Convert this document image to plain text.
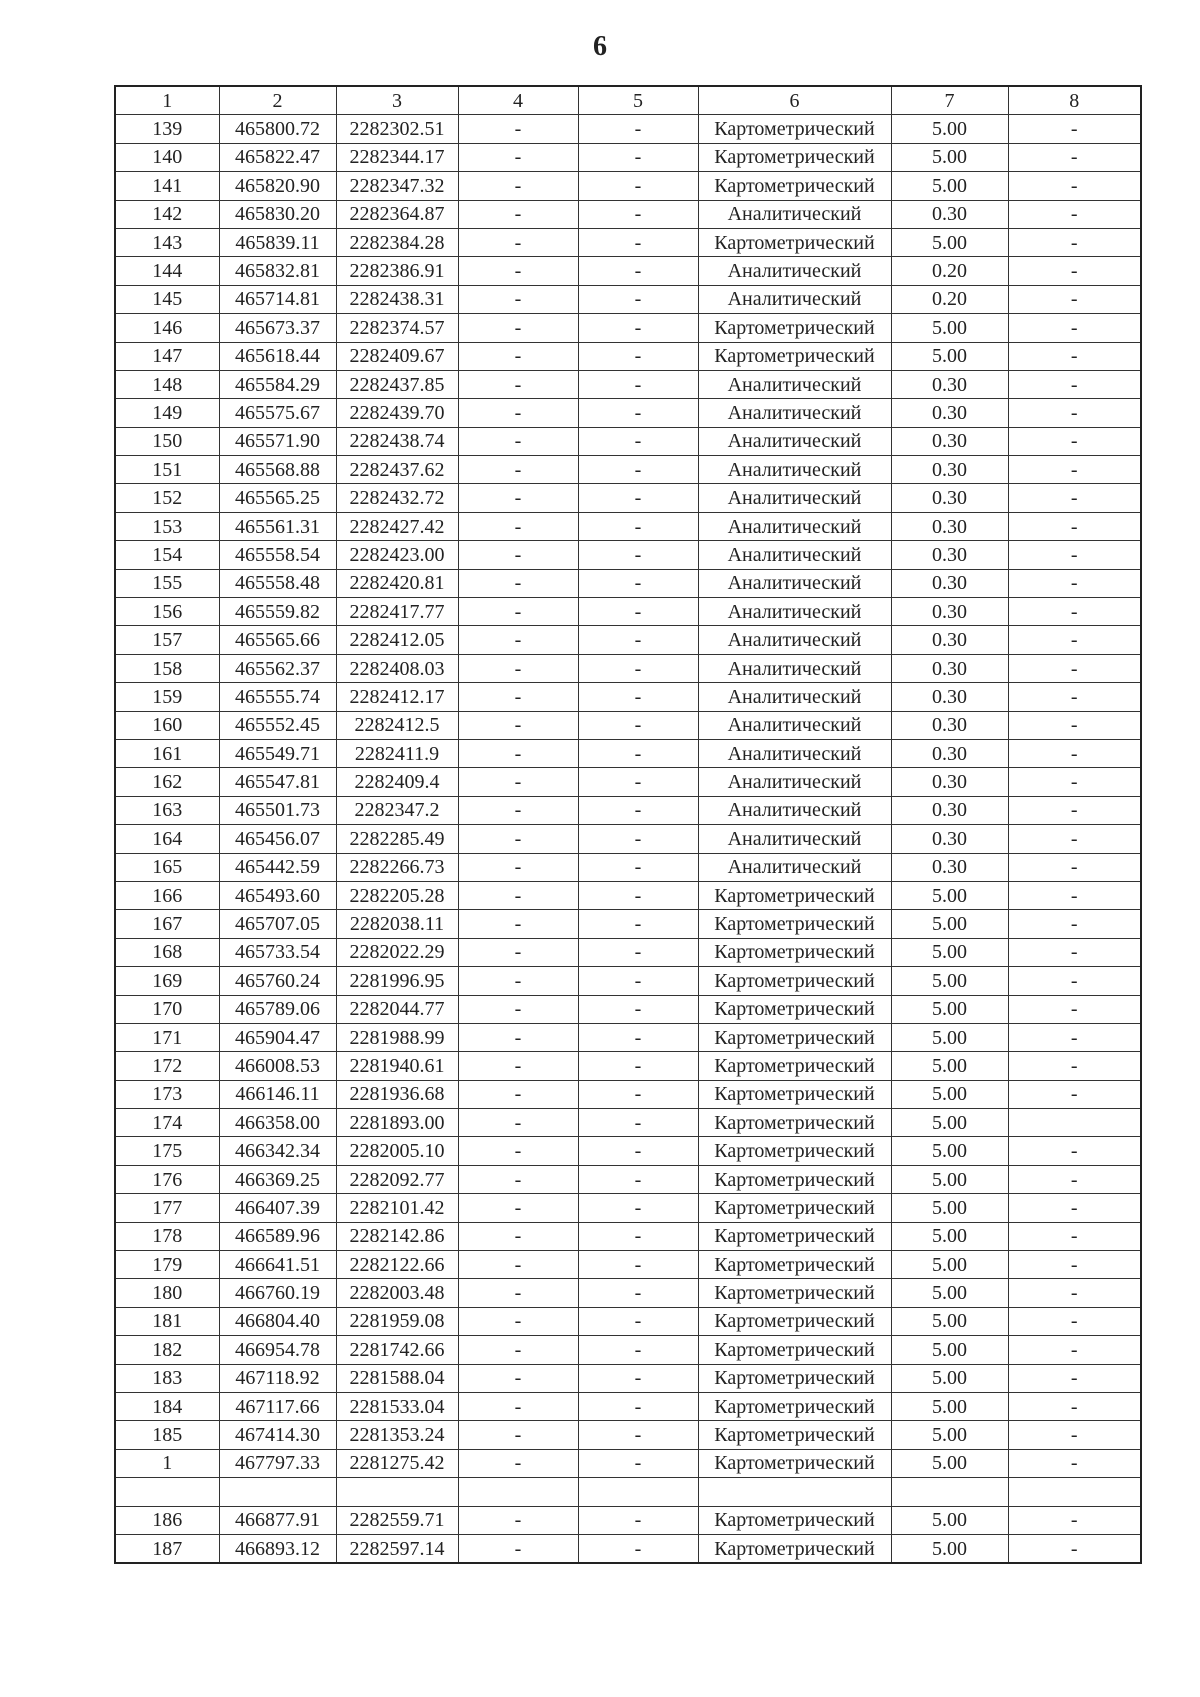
6
1	2	3	4	5	6	7	8
139	465800.72	2282302.51	-	-	Картометрический	5.00	-
140	465822.47	2282344.17	-	-	Картометрический	5.00	-
141	465820.90	2282347.32	-	-	Картометрический	5.00	-
142	465830.20	2282364.87	-	-	Аналитический	0.30	-
143	465839.11	2282384.28	-	-	Картометрический	5.00	-
144	465832.81	2282386.91	-	-	Аналитический	0.20	-
145	465714.81	2282438.31	-	-	Аналитический	0.20	-
146	465673.37	2282374.57	-	-	Картометрический	5.00	-
147	465618.44	2282409.67	-	-	Картометрический	5.00	-
148	465584.29	2282437.85	-	-	Аналитический	0.30	-
149	465575.67	2282439.70	-	-	Аналитический	0.30	-
150	465571.90	2282438.74	-	-	Аналитический	0.30	-
151	465568.88	2282437.62	-	-	Аналитический	0.30	-
152	465565.25	2282432.72	-	-	Аналитический	0.30	-
153	465561.31	2282427.42	-	-	Аналитический	0.30	-
154	465558.54	2282423.00	-	-	Аналитический	0.30	-
155	465558.48	2282420.81	-	-	Аналитический	0.30	-
156	465559.82	2282417.77	-	-	Аналитический	0.30	-
157	465565.66	2282412.05	-	-	Аналитический	0.30	-
158	465562.37	2282408.03	-	-	Аналитический	0.30	-
159	465555.74	2282412.17	-	-	Аналитический	0.30	-
160	465552.45	2282412.5	-	-	Аналитический	0.30	-
161	465549.71	2282411.9	-	-	Аналитический	0.30	-
162	465547.81	2282409.4	-	-	Аналитический	0.30	-
163	465501.73	2282347.2	-	-	Аналитический	0.30	-
164	465456.07	2282285.49	-	-	Аналитический	0.30	-
165	465442.59	2282266.73	-	-	Аналитический	0.30	-
166	465493.60	2282205.28	-	-	Картометрический	5.00	-
167	465707.05	2282038.11	-	-	Картометрический	5.00	-
168	465733.54	2282022.29	-	-	Картометрический	5.00	-
169	465760.24	2281996.95	-	-	Картометрический	5.00	-
170	465789.06	2282044.77	-	-	Картометрический	5.00	-
171	465904.47	2281988.99	-	-	Картометрический	5.00	-
172	466008.53	2281940.61	-	-	Картометрический	5.00	-
173	466146.11	2281936.68	-	-	Картометрический	5.00	-
174	466358.00	2281893.00	-	-	Картометрический	5.00	
175	466342.34	2282005.10	-	-	Картометрический	5.00	-
176	466369.25	2282092.77	-	-	Картометрический	5.00	-
177	466407.39	2282101.42	-	-	Картометрический	5.00	-
178	466589.96	2282142.86	-	-	Картометрический	5.00	-
179	466641.51	2282122.66	-	-	Картометрический	5.00	-
180	466760.19	2282003.48	-	-	Картометрический	5.00	-
181	466804.40	2281959.08	-	-	Картометрический	5.00	-
182	466954.78	2281742.66	-	-	Картометрический	5.00	-
183	467118.92	2281588.04	-	-	Картометрический	5.00	-
184	467117.66	2281533.04	-	-	Картометрический	5.00	-
185	467414.30	2281353.24	-	-	Картометрический	5.00	-
1	467797.33	2281275.42	-	-	Картометрический	5.00	-

186	466877.91	2282559.71	-	-	Картометрический	5.00	-
187	466893.12	2282597.14	-	-	Картометрический	5.00	-
